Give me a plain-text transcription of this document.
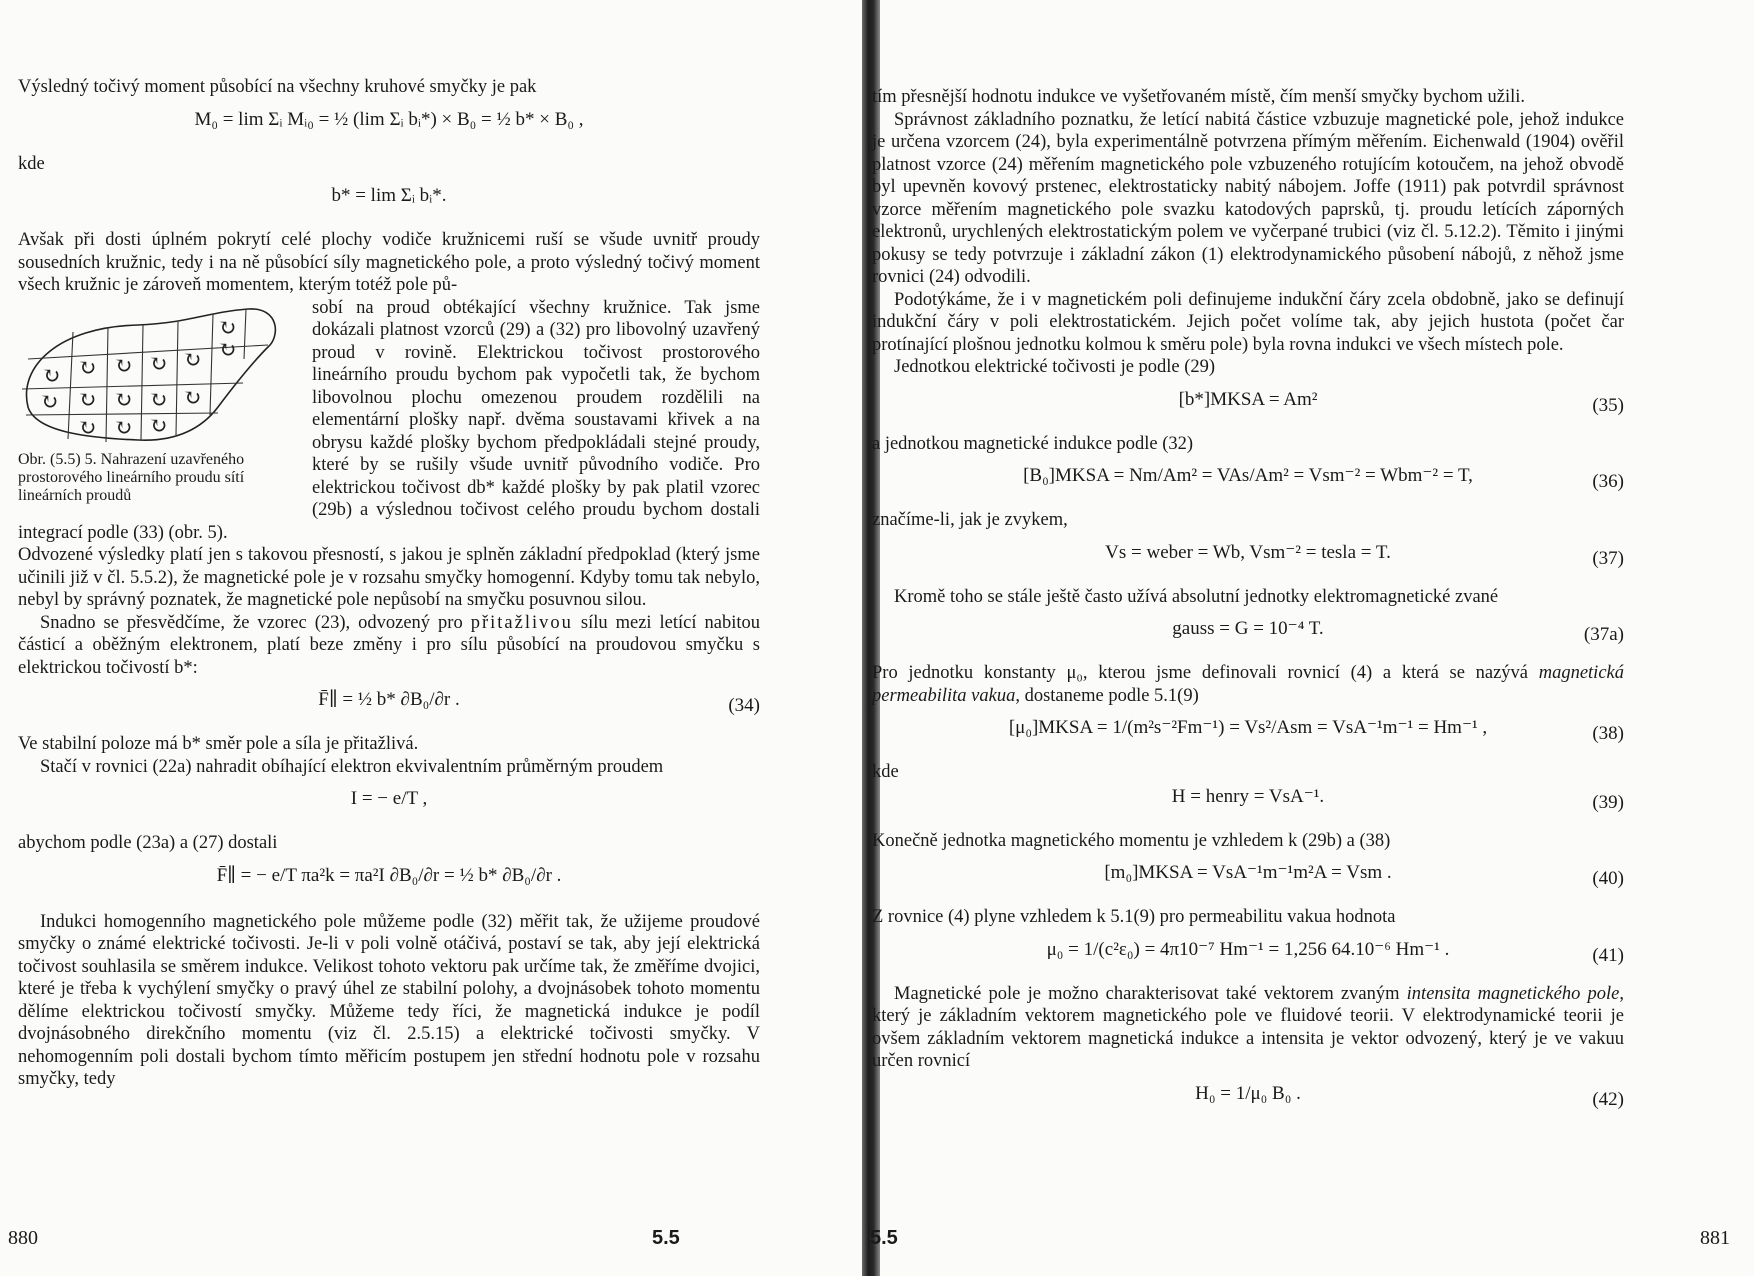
Výsledný točivý moment působící na všechny kruhové smyčky je pak

M₀ = lim Σᵢ Mᵢ₀ = ½ (lim Σᵢ bᵢ*) × B₀ = ½ b* × B₀ ,

kde

b* = lim Σᵢ bᵢ*.

Avšak při dosti úplném pokrytí celé plochy vodiče kružnicemi ruší se všude uvnitř proudy sousedních kružnic, tedy i na ně působící síly magnetického pole, a proto výsledný točivý moment všech kružnic je zároveň momentem, kterým totéž pole pů-

↻ ↻ ↻ ↻ ↻ ↻
↻ ↻ ↻ ↻ ↻
↻ ↻ ↻
↻
Obr. (5.5) 5. Nahrazení uzavřeného prostorového lineárního proudu sítí lineárních proudů

sobí na proud obtékající všechny kružnice. Tak jsme dokázali platnost vzorců (29) a (32) pro libovolný uzavřený proud v rovině. Elektrickou točivost prostorového lineárního proudu bychom pak vypočetli tak, že bychom libovolnou plochu omezenou proudem rozdělili na elementární plošky např. dvěma soustavami křivek a na obrysu každé plošky bychom předpokládali stejné proudy, které by se rušily všude uvnitř původního vodiče. Pro elektrickou točivost db* každé plošky by pak platil vzorec (29b) a výslednou točivost celého proudu bychom dostali integrací podle (33) (obr. 5).

Odvozené výsledky platí jen s takovou přesností, s jakou je splněn základní předpoklad (který jsme učinili již v čl. 5.5.2), že magnetické pole je v rozsahu smyčky homogenní. Kdyby tomu tak nebylo, nebyl by správný poznatek, že magnetické pole nepůsobí na smyčku posuvnou silou.

Snadno se přesvědčíme, že vzorec (23), odvozený pro přitažlivou sílu mezi letící nabitou částicí a oběžným elektronem, platí beze změny i pro sílu působící na proudovou smyčku s elektrickou točivostí b*:

F̄∥ = ½ b* ∂B₀/∂r .	(34)

Ve stabilní poloze má b* směr pole a síla je přitažlivá.

Stačí v rovnici (22a) nahradit obíhající elektron ekvivalentním průměrným proudem

I = − e/T ,

abychom podle (23a) a (27) dostali

F̄∥ = − e/T πa²k = πa²I ∂B₀/∂r = ½ b* ∂B₀/∂r .

Indukci homogenního magnetického pole můžeme podle (32) měřit tak, že užijeme proudové smyčky o známé elektrické točivosti. Je-li v poli volně otáčivá, postaví se tak, aby její elektrická točivost souhlasila se směrem indukce. Velikost tohoto vektoru pak určíme tak, že změříme dvojici, které je třeba k vychýlení smyčky o pravý úhel ze stabilní polohy, a dvojnásobek tohoto momentu dělíme elektrickou točivostí smyčky. Můžeme tedy říci, že magnetická indukce je podíl dvojnásobného direkčního momentu (viz čl. 2.5.15) a elektrické točivosti smyčky. V nehomogenním poli dostali bychom tímto měřicím postupem jen střední hodnotu pole v rozsahu smyčky, tedy

880	5.5

tím přesnější hodnotu indukce ve vyšetřovaném místě, čím menší smyčky bychom užili.

Správnost základního poznatku, že letící nabitá částice vzbuzuje magnetické pole, jehož indukce je určena vzorcem (24), byla experimentálně potvrzena přímým měřením. Eichenwald (1904) ověřil platnost vzorce (24) měřením magnetického pole vzbuzeného rotujícím kotoučem, na jehož obvodě byl upevněn kovový prstenec, elektrostaticky nabitý nábojem. Joffe (1911) pak potvrdil správnost vzorce měřením magnetického pole svazku katodových paprsků, tj. proudu letících záporných elektronů, urychlených elektrostatickým polem ve vyčerpané trubici (viz čl. 5.12.2). Těmito i jinými pokusy se tedy potvrzuje i základní zákon (1) elektrodynamického působení nábojů, z něhož jsme rovnici (24) odvodili.

Podotýkáme, že i v magnetickém poli definujeme indukční čáry zcela obdobně, jako se definují indukční čáry v poli elektrostatickém. Jejich počet volíme tak, aby jejich hustota (počet čar protínající plošnou jednotku kolmou k směru pole) byla rovna indukci ve všech místech pole.

Jednotkou elektrické točivosti je podle (29)

[b*]MKSA = Am²	(35)

a jednotkou magnetické indukce podle (32)

[B₀]MKSA = Nm/Am² = VAs/Am² = Vsm⁻² = Wbm⁻² = T,	(36)

značíme-li, jak je zvykem,

Vs = weber = Wb, Vsm⁻² = tesla = T.	(37)

Kromě toho se stále ještě často užívá absolutní jednotky elektromagnetické zvané

gauss = G = 10⁻⁴ T.	(37a)

Pro jednotku konstanty μ₀, kterou jsme definovali rovnicí (4) a která se nazývá magnetická permeabilita vakua, dostaneme podle 5.1(9)

[μ₀]MKSA = 1/(m²s⁻²Fm⁻¹) = Vs²/Asm = VsA⁻¹m⁻¹ = Hm⁻¹ ,	(38)

kde

H = henry = VsA⁻¹.	(39)

Konečně jednotka magnetického momentu je vzhledem k (29b) a (38)

[m₀]MKSA = VsA⁻¹m⁻¹m²A = Vsm .	(40)

Z rovnice (4) plyne vzhledem k 5.1(9) pro permeabilitu vakua hodnota

μ₀ = 1/(c²ε₀) = 4π10⁻⁷ Hm⁻¹ = 1,256 64.10⁻⁶ Hm⁻¹ .	(41)

Magnetické pole je možno charakterisovat také vektorem zvaným intensita magnetického pole, který je základním vektorem magnetického pole ve fluidové teorii. V elektrodynamické teorii je ovšem základním vektorem magnetická indukce a intensita je vektor odvozený, který je ve vakuu určen rovnicí

H₀ = 1/μ₀ B₀ .	(42)
5.5	881
